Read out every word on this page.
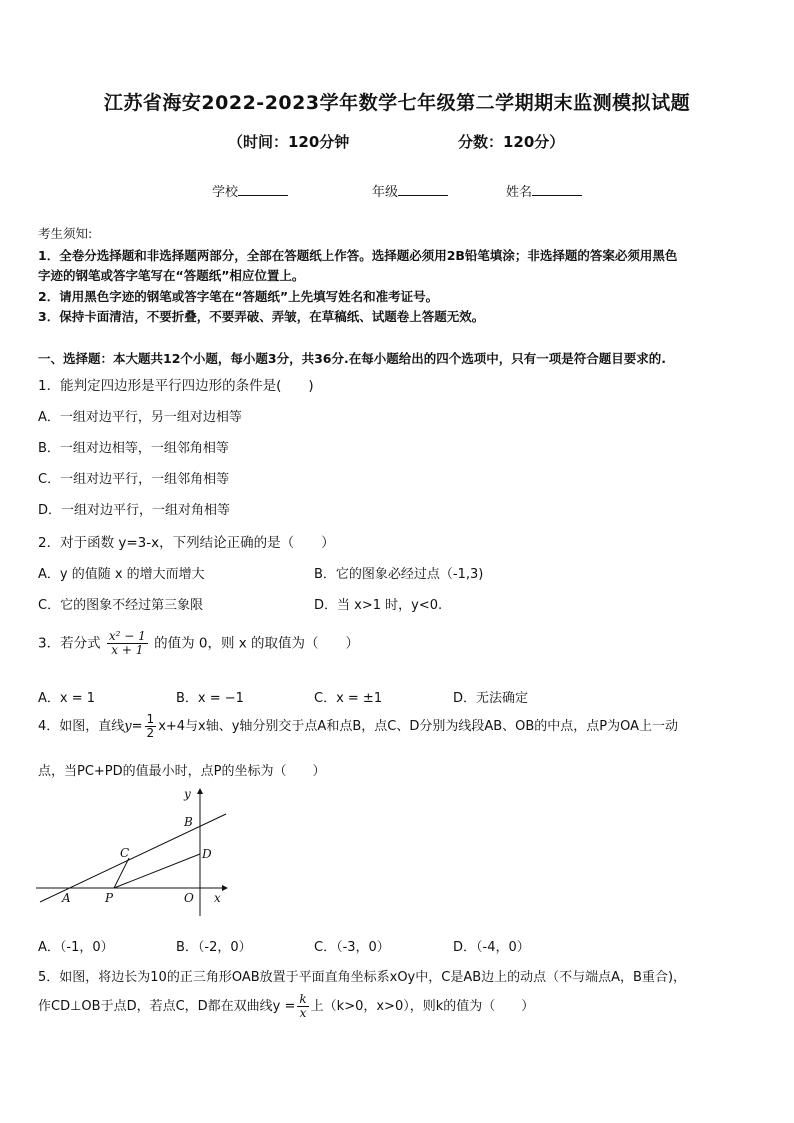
江苏省海安2022-2023学年数学七年级第二学期期末监测模拟试题
（时间：120分钟	分数：120分）
学校	年级	姓名
考生须知:
1．全卷分选择题和非选择题两部分，全部在答题纸上作答。选择题必须用2B铅笔填涂；非选择题的答案必须用黑色
字迹的钢笔或答字笔写在“答题纸”相应位置上。
2．请用黑色字迹的钢笔或答字笔在“答题纸”上先填写姓名和准考证号。
3．保持卡面清洁，不要折叠，不要弄破、弄皱，在草稿纸、试题卷上答题无效。
一、选择题：本大题共12个小题，每小题3分，共36分.在每小题给出的四个选项中，只有一项是符合题目要求的.
1．能判定四边形是平行四边形的条件是(　　)
A．一组对边平行，另一组对边相等
B．一组对边相等，一组邻角相等
C．一组对边平行，一组邻角相等
D．一组对边平行，一组对角相等
2．对于函数 y=3-x，下列结论正确的是（　　）
A．y 的值随 x 的增大而增大	B．它的图象必经过点（-1,3)
C．它的图象不经过第三象限	D．当 x>1 时，y<0.
3．若分式 $\frac{\text{x² − 1}}{x + 1}$ 的值为 0，则 x 的取值为（　　）
A．x = 1	B．x = −1	C．x = ±1	D．无法确定
4．如图，直线$y= \frac{1}{2} x+4$与x轴、y轴分别交于点A和点B，点C、D分别为线段AB、OB的中点，点P为OA上一动
点，当PC+PD的值最小时，点P的坐标为（　　）
y
x
B
C	D
A	P	O
A．（-1，0）	B．（-2，0）	C．（-3，0）	D．（-4，0）
5．如图，将边长为10的正三角形OAB放置于平面直角坐标系xOy中，C是AB边上的动点（不与端点A，B重合)，
作CD⊥OB于点D，若点C，D都在双曲线$y = \frac{k}{x}$ 上（k>0，x>0），则k的值为（　　）
